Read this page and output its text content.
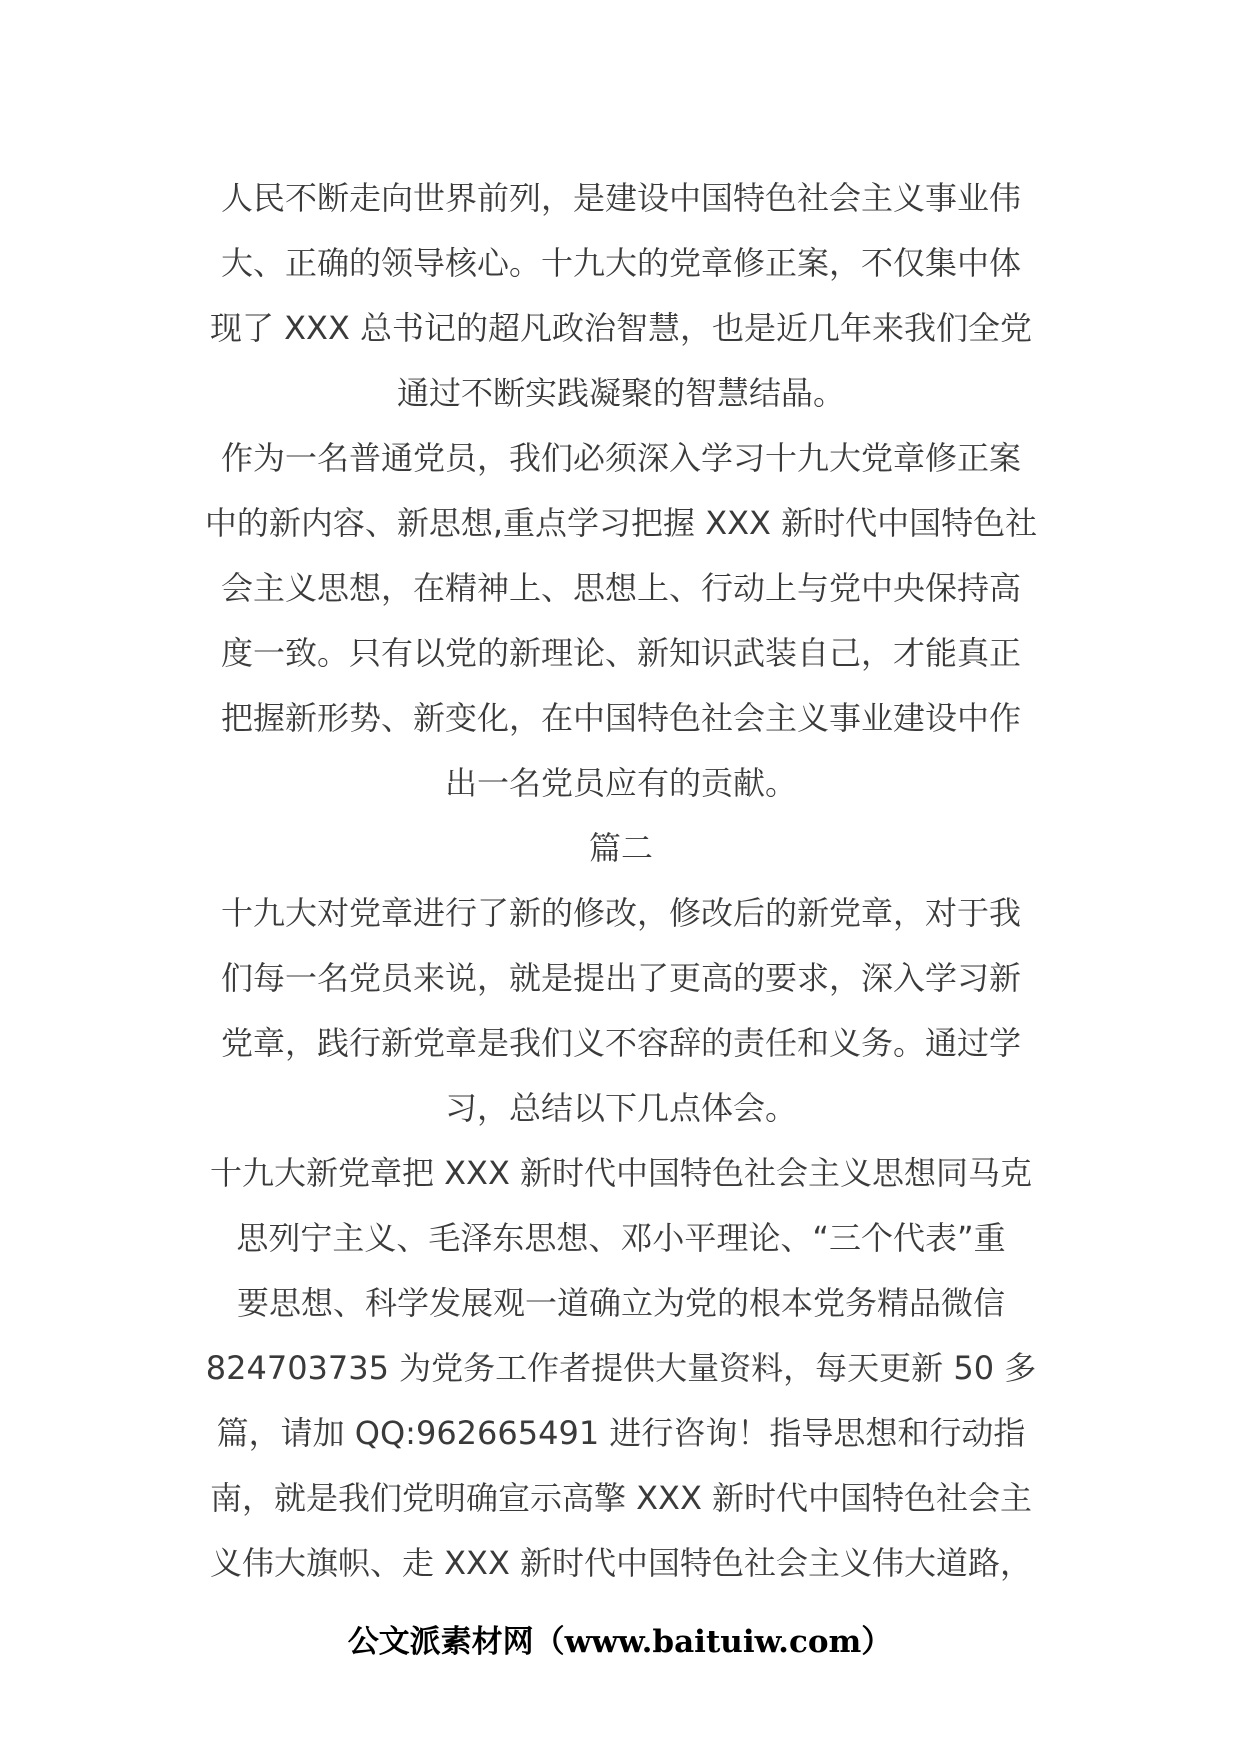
人民不断走向世界前列，是建设中国特色社会主义事业伟
大、正确的领导核心。十九大的党章修正案，不仅集中体
现了 XXX 总书记的超凡政治智慧，也是近几年来我们全党
通过不断实践凝聚的智慧结晶。
作为一名普通党员，我们必须深入学习十九大党章修正案
中的新内容、新思想,重点学习把握 XXX 新时代中国特色社
会主义思想，在精神上、思想上、行动上与党中央保持高
度一致。只有以党的新理论、新知识武装自己，才能真正
把握新形势、新变化，在中国特色社会主义事业建设中作
出一名党员应有的贡献。
篇二
十九大对党章进行了新的修改，修改后的新党章，对于我
们每一名党员来说，就是提出了更高的要求，深入学习新
党章，践行新党章是我们义不容辞的责任和义务。通过学
习，总结以下几点体会。
十九大新党章把 XXX 新时代中国特色社会主义思想同马克
思列宁主义、毛泽东思想、邓小平理论、“三个代表”重
要思想、科学发展观一道确立为党的根本党务精品微信
824703735 为党务工作者提供大量资料，每天更新 50 多
篇，请加 QQ:962665491 进行咨询！指导思想和行动指
南，就是我们党明确宣示高擎 XXX 新时代中国特色社会主
义伟大旗帜、走 XXX 新时代中国特色社会主义伟大道路，
公文派素材网（www.baituiw.com）
